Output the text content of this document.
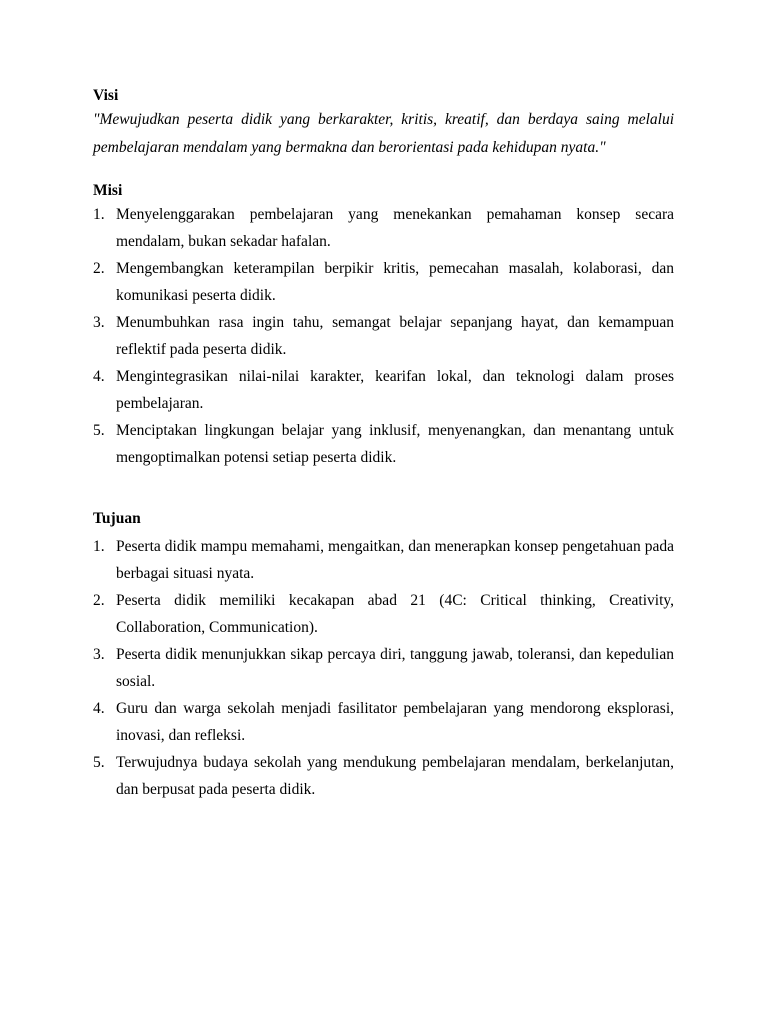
Visi

"Mewujudkan peserta didik yang berkarakter, kritis, kreatif, dan berdaya saing melalui pembelajaran mendalam yang bermakna dan berorientasi pada kehidupan nyata."

Misi
1. Menyelenggarakan pembelajaran yang menekankan pemahaman konsep secara mendalam, bukan sekadar hafalan.
2. Mengembangkan keterampilan berpikir kritis, pemecahan masalah, kolaborasi, dan komunikasi peserta didik.
3. Menumbuhkan rasa ingin tahu, semangat belajar sepanjang hayat, dan kemampuan reflektif pada peserta didik.
4. Mengintegrasikan nilai-nilai karakter, kearifan lokal, dan teknologi dalam proses pembelajaran.
5. Menciptakan lingkungan belajar yang inklusif, menyenangkan, dan menantang untuk mengoptimalkan potensi setiap peserta didik.
Tujuan
1. Peserta didik mampu memahami, mengaitkan, dan menerapkan konsep pengetahuan pada berbagai situasi nyata.
2. Peserta didik memiliki kecakapan abad 21 (4C: Critical thinking, Creativity, Collaboration, Communication).
3. Peserta didik menunjukkan sikap percaya diri, tanggung jawab, toleransi, dan kepedulian sosial.
4. Guru dan warga sekolah menjadi fasilitator pembelajaran yang mendorong eksplorasi, inovasi, dan refleksi.
5. Terwujudnya budaya sekolah yang mendukung pembelajaran mendalam, berkelanjutan, dan berpusat pada peserta didik.
